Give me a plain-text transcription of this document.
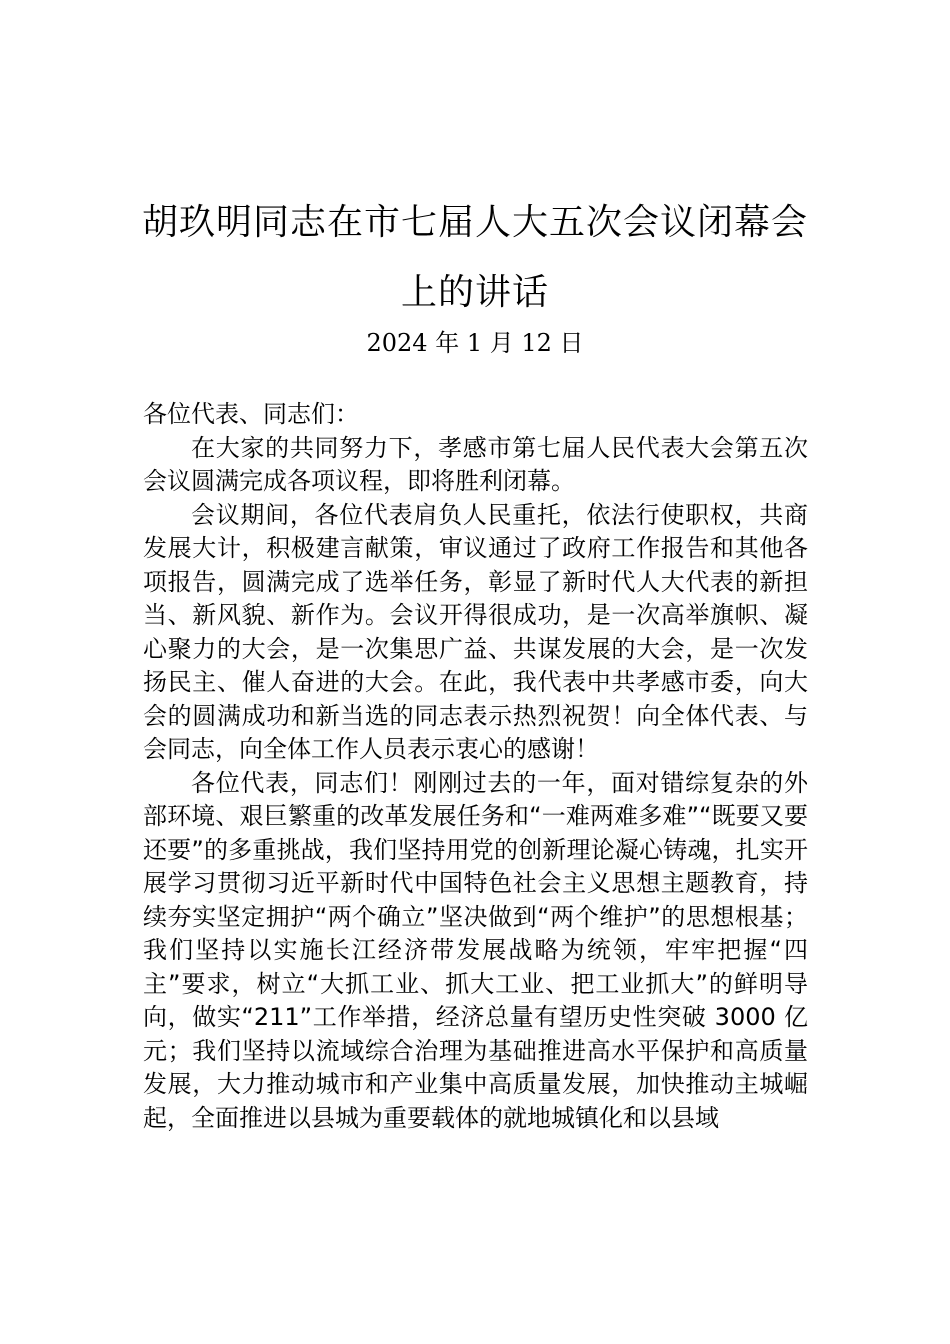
胡玖明同志在市七届人大五次会议闭幕会
上的讲话
2024 年 1 月 12 日

各位代表、同志们：

在大家的共同努力下，孝感市第七届人民代表大会第五次会议圆满完成各项议程，即将胜利闭幕。

会议期间，各位代表肩负人民重托，依法行使职权，共商发展大计，积极建言献策，审议通过了政府工作报告和其他各项报告，圆满完成了选举任务，彰显了新时代人大代表的新担当、新风貌、新作为。会议开得很成功，是一次高举旗帜、凝心聚力的大会，是一次集思广益、共谋发展的大会，是一次发扬民主、催人奋进的大会。在此，我代表中共孝感市委，向大会的圆满成功和新当选的同志表示热烈祝贺！向全体代表、与会同志，向全体工作人员表示衷心的感谢！

各位代表，同志们！刚刚过去的一年，面对错综复杂的外部环境、艰巨繁重的改革发展任务和“一难两难多难”“既要又要还要”的多重挑战，我们坚持用党的创新理论凝心铸魂，扎实开展学习贯彻习近平新时代中国特色社会主义思想主题教育，持续夯实坚定拥护“两个确立”坚决做到“两个维护”的思想根基；我们坚持以实施长江经济带发展战略为统领，牢牢把握“四主”要求，树立“大抓工业、抓大工业、把工业抓大”的鲜明导向，做实“211”工作举措，经济总量有望历史性突破 3000 亿元；我们坚持以流域综合治理为基础推进高水平保护和高质量发展，大力推动城市和产业集中高质量发展，加快推动主城崛起，全面推进以县城为重要载体的就地城镇化和以县域
